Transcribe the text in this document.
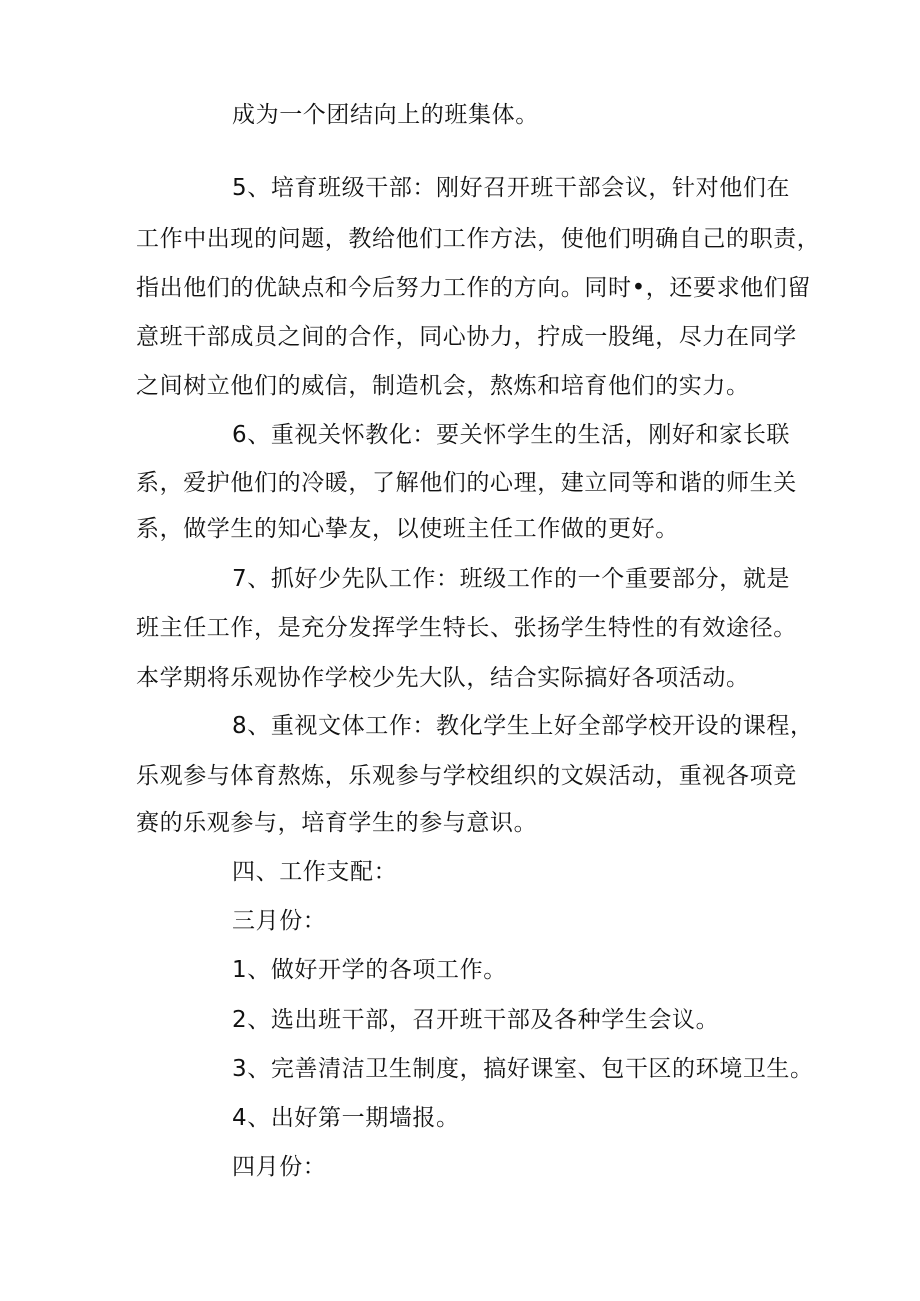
成为一个团结向上的班集体。
5、培育班级干部：刚好召开班干部会议，针对他们在
工作中出现的问题，教给他们工作方法，使他们明确自己的职责，
指出他们的优缺点和今后努力工作的方向。同时•，还要求他们留
意班干部成员之间的合作，同心协力，拧成一股绳，尽力在同学
之间树立他们的威信，制造机会，熬炼和培育他们的实力。
6、重视关怀教化：要关怀学生的生活，刚好和家长联
系，爱护他们的冷暖，了解他们的心理，建立同等和谐的师生关
系，做学生的知心挚友，以使班主任工作做的更好。
7、抓好少先队工作：班级工作的一个重要部分，就是
班主任工作，是充分发挥学生特长、张扬学生特性的有效途径。
本学期将乐观协作学校少先大队，结合实际搞好各项活动。
8、重视文体工作：教化学生上好全部学校开设的课程，
乐观参与体育熬炼，乐观参与学校组织的文娱活动，重视各项竞
赛的乐观参与，培育学生的参与意识。
四、工作支配：
三月份：
1、做好开学的各项工作。
2、选出班干部，召开班干部及各种学生会议。
3、完善清洁卫生制度，搞好课室、包干区的环境卫生。
4、出好第一期墙报。
四月份：
